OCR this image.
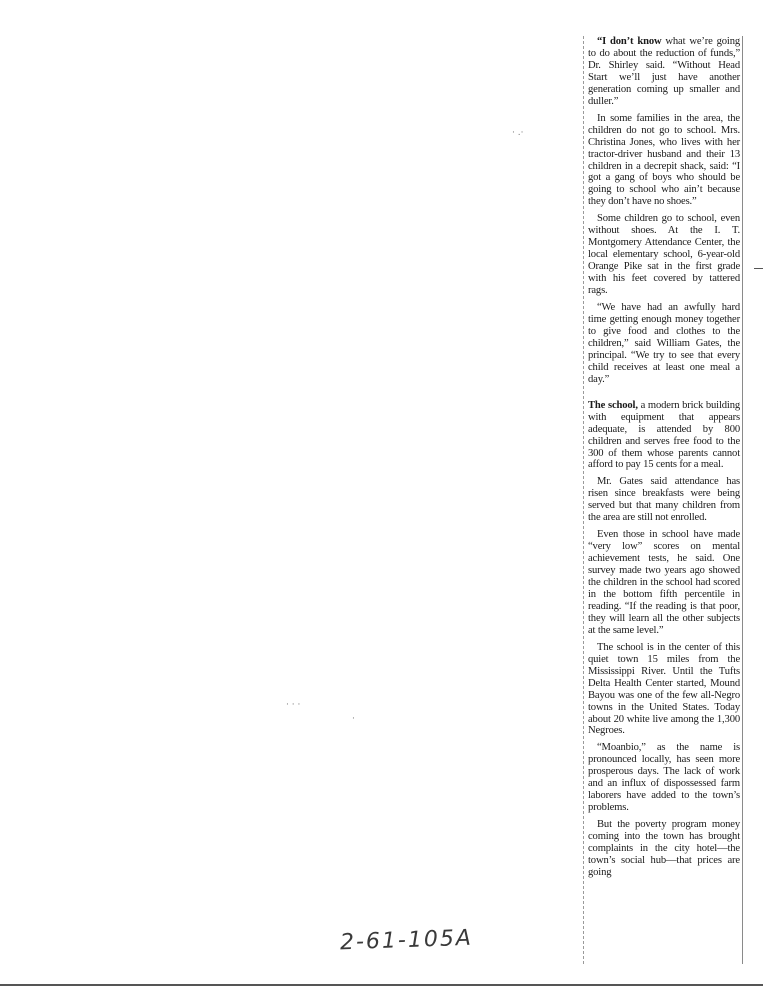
· .·
· · ·
·

“I don’t know what we’re going to do about the reduction of funds,” Dr. Shirley said. “Without Head Start we’ll just have another generation coming up smaller and duller.”

In some families in the area, the children do not go to school. Mrs. Christina Jones, who lives with her tractor-driver husband and their 13 children in a decrepit shack, said: “I got a gang of boys who should be going to school who ain’t because they don’t have no shoes.”

Some children go to school, even without shoes. At the I. T. Montgomery Attendance Center, the local elementary school, 6-year-old Orange Pike sat in the first grade with his feet covered by tattered rags.

“We have had an awfully hard time getting enough money together to give food and clothes to the children,” said William Gates, the principal. “We try to see that every child receives at least one meal a day.”

The school, a modern brick building with equipment that appears adequate, is attended by 800 children and serves free food to the 300 of them whose parents cannot afford to pay 15 cents for a meal.

Mr. Gates said attendance has risen since breakfasts were being served but that many children from the area are still not enrolled.

Even those in school have made “very low” scores on mental achievement tests, he said. One survey made two years ago showed the children in the school had scored in the bottom fifth percentile in reading. “If the reading is that poor, they will learn all the other subjects at the same level.”

The school is in the center of this quiet town 15 miles from the Mississippi River. Until the Tufts Delta Health Center started, Mound Bayou was one of the few all-Negro towns in the United States. Today about 20 white live among the 1,300 Negroes.

“Moanbio,” as the name is pronounced locally, has seen more prosperous days. The lack of work and an influx of dispossessed farm laborers have added to the town’s problems.

But the poverty program money coming into the town has brought complaints in the city hotel—the town’s social hub—that prices are going

2-61-105A
